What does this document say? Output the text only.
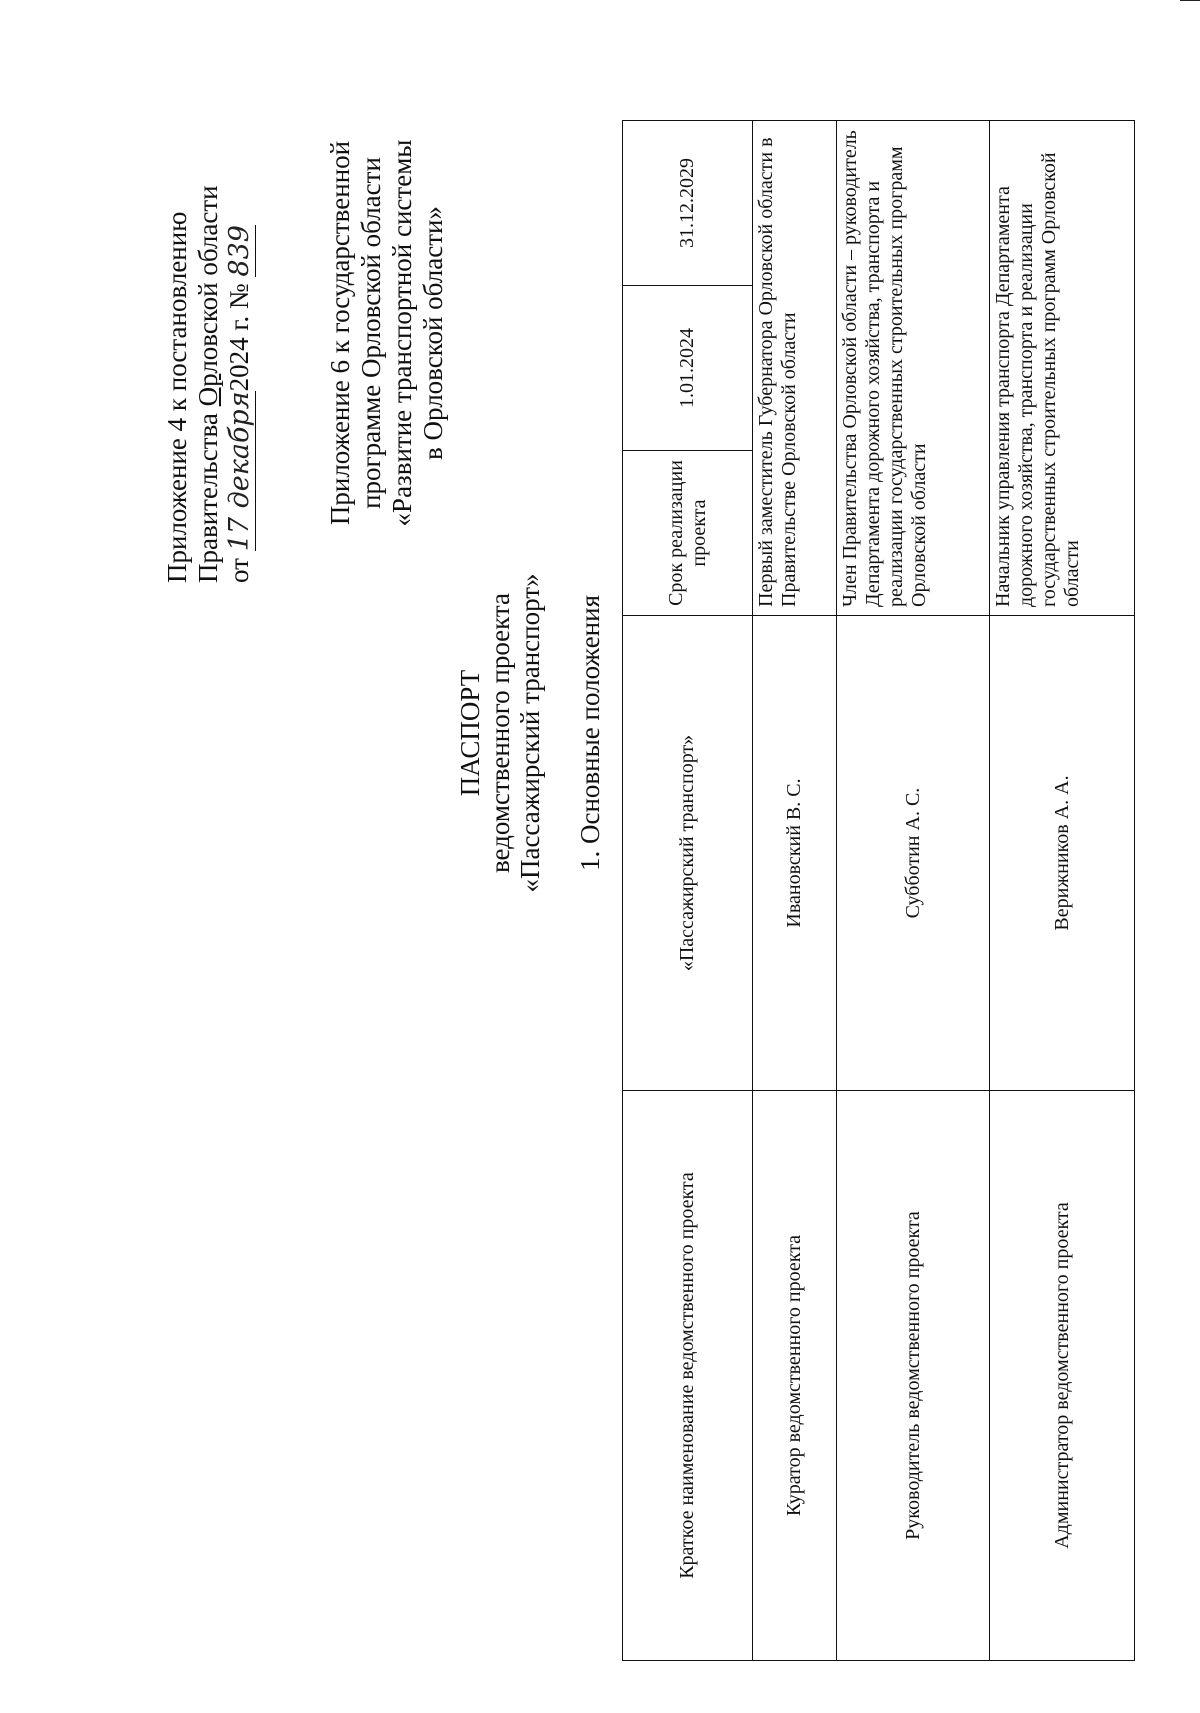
Приложение 4 к постановлению Правительства Орловской области
от 17 декабря2024 г. № 839	Приложение 6 к государственной программе Орловской области «Развитие транспортной системы в Орловской области»
ПАСПОРТ ведомственного проекта «Пассажирский транспорт» 1. Основные положения
Краткое наименование ведомственного проекта	«Пассажирский транспорт»	Срок реализации проекта	1.01.2024	31.12.2029
Куратор ведомственного проекта	Ивановский В. С.	Первый заместитель Губернатора Орловской области в Правительстве Орловской области		
Руководитель ведомственного проекта	Субботин А. С.	Член Правительства Орловской области – руководитель Департамента дорожного хозяйства, транспорта и реализации государственных строительных программ Орловской области		
Администратор ведомственного проекта	Верижников А. А.	Начальник управления транспорта Департамента дорожного хозяйства, транспорта и реализации государственных строительных программ Орловской области		
